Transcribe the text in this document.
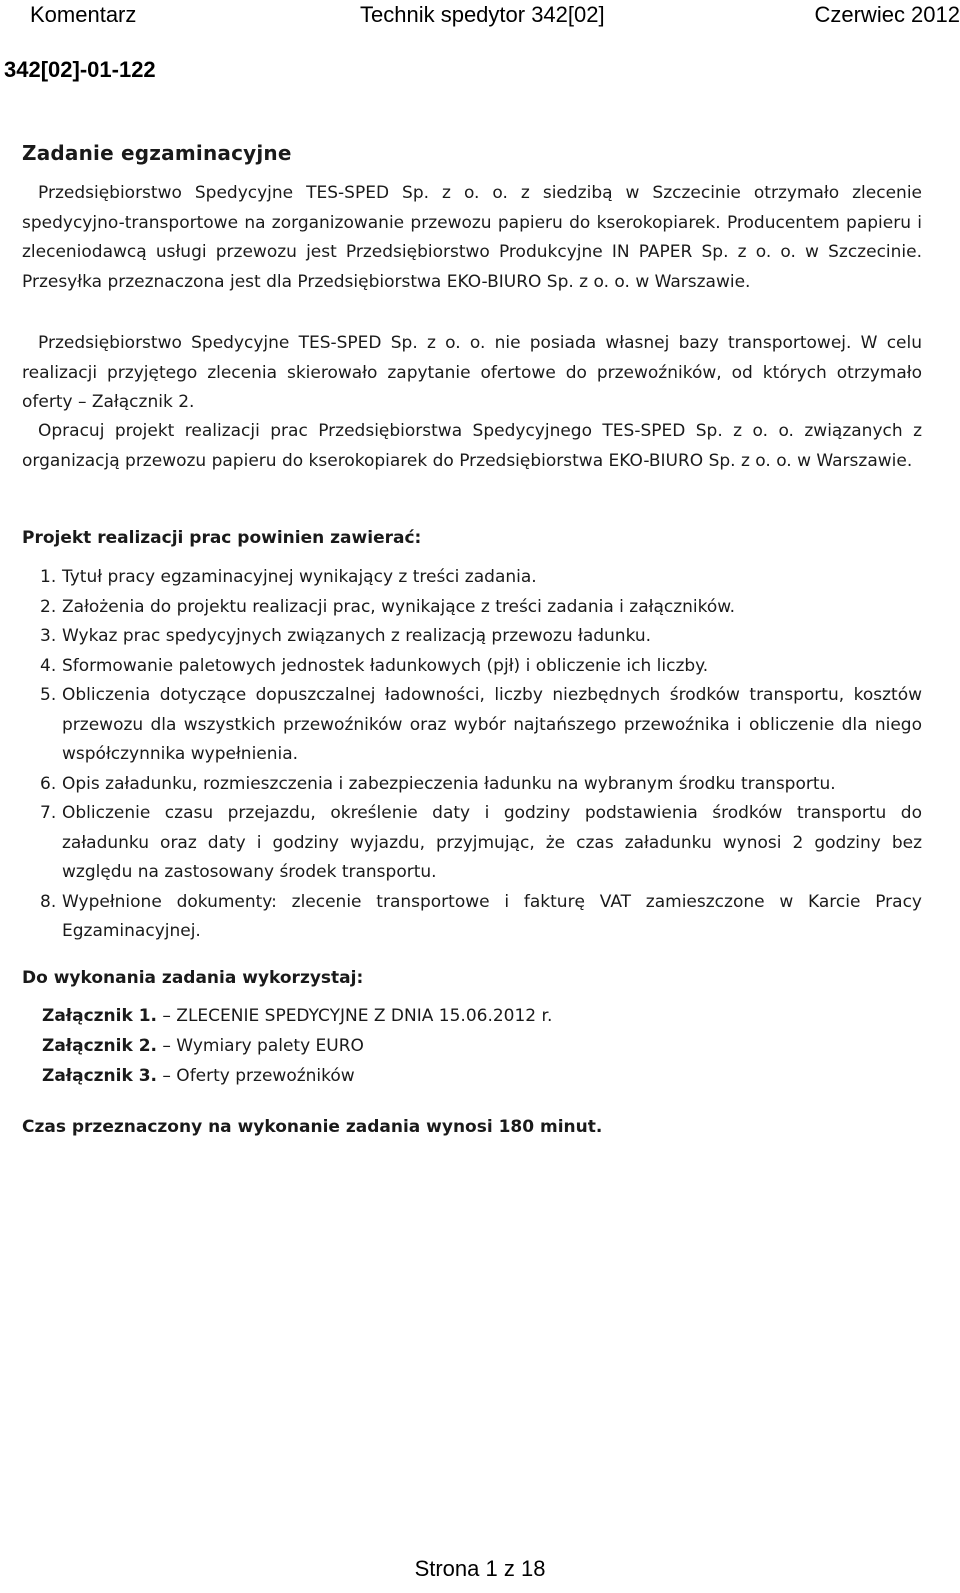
Komentarz	Technik spedytor 342[02]	Czerwiec 2012
342[02]-01-122
Zadanie egzaminacyjne
Przedsiębiorstwo Spedycyjne TES-SPED Sp. z o. o. z siedzibą w Szczecinie otrzymało zlecenie spedycyjno-transportowe na zorganizowanie przewozu papieru do kserokopiarek. Producentem papieru i zleceniodawcą usługi przewozu jest Przedsiębiorstwo Produkcyjne IN PAPER Sp. z o. o. w Szczecinie. Przesyłka przeznaczona jest dla Przedsiębiorstwa EKO-BIURO Sp. z o. o. w Warszawie.
Przedsiębiorstwo Spedycyjne TES-SPED Sp. z o. o. nie posiada własnej bazy transportowej. W celu realizacji przyjętego zlecenia skierowało zapytanie ofertowe do przewoźników, od których otrzymało oferty – Załącznik 2.
Opracuj projekt realizacji prac Przedsiębiorstwa Spedycyjnego TES-SPED Sp. z o. o. związanych z organizacją przewozu papieru do kserokopiarek do Przedsiębiorstwa EKO-BIURO Sp. z o. o. w Warszawie.
Projekt realizacji prac powinien zawierać:
1. Tytuł pracy egzaminacyjnej wynikający z treści zadania.
2. Założenia do projektu realizacji prac, wynikające z treści zadania i załączników.
3. Wykaz prac spedycyjnych związanych z realizacją przewozu ładunku.
4. Sformowanie paletowych jednostek ładunkowych (pjł) i obliczenie ich liczby.
5. Obliczenia dotyczące dopuszczalnej ładowności, liczby niezbędnych środków transportu, kosztów przewozu dla wszystkich przewoźników oraz wybór najtańszego przewoźnika i obliczenie dla niego współczynnika wypełnienia.
6. Opis załadunku, rozmieszczenia i zabezpieczenia ładunku na wybranym środku transportu.
7. Obliczenie czasu przejazdu, określenie daty i godziny podstawienia środków transportu do załadunku oraz daty i godziny wyjazdu, przyjmując, że czas załadunku wynosi 2 godziny bez względu na zastosowany środek transportu.
8. Wypełnione dokumenty: zlecenie transportowe i fakturę VAT zamieszczone w Karcie Pracy Egzaminacyjnej.
Do wykonania zadania wykorzystaj:
Załącznik 1. – ZLECENIE SPEDYCYJNE Z DNIA 15.06.2012 r.
Załącznik 2. – Wymiary palety EURO
Załącznik 3. – Oferty przewoźników
Czas przeznaczony na wykonanie zadania wynosi 180 minut.
Strona 1 z 18
